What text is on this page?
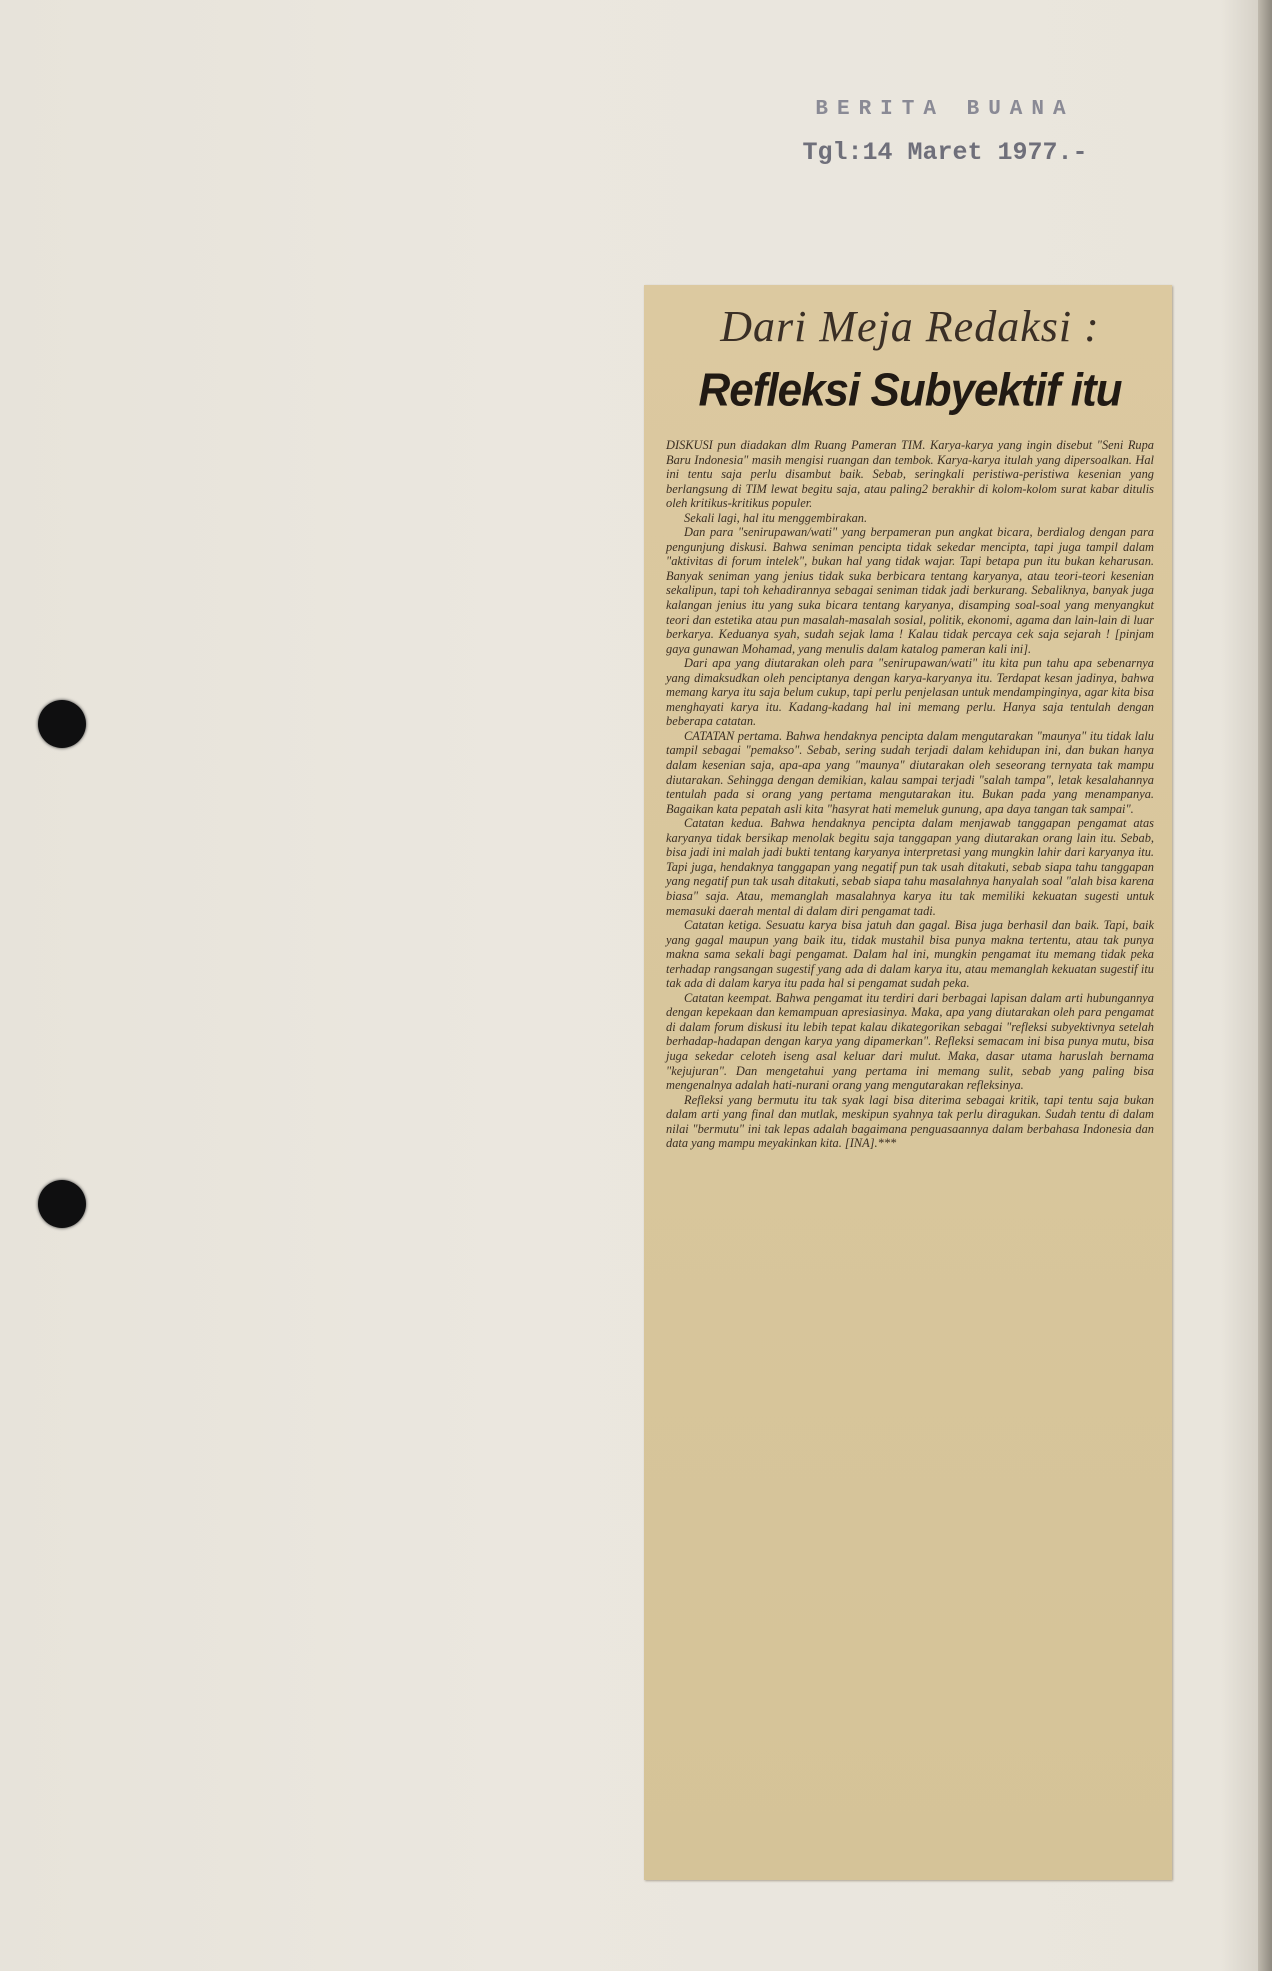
BERITA BUANA
Tgl:14 Maret 1977.-
Dari Meja Redaksi :
Refleksi Subyektif itu

DISKUSI pun diadakan dlm Ruang Pameran TIM. Karya-karya yang ingin disebut "Seni Rupa Baru Indonesia" masih mengisi ruangan dan tembok. Karya-karya itulah yang dipersoalkan. Hal ini tentu saja perlu disambut baik. Sebab, seringkali peristiwa-peristiwa kesenian yang berlangsung di TIM lewat begitu saja, atau paling2 berakhir di kolom-kolom surat kabar ditulis oleh kritikus-kritikus populer.

Sekali lagi, hal itu menggembirakan.

Dan para "senirupawan/wati" yang berpameran pun angkat bicara, berdialog dengan para pengunjung diskusi. Bahwa seniman pencipta tidak sekedar mencipta, tapi juga tampil dalam "aktivitas di forum intelek", bukan hal yang tidak wajar. Tapi betapa pun itu bukan keharusan. Banyak seniman yang jenius tidak suka berbicara tentang karyanya, atau teori-teori kesenian sekalipun, tapi toh kehadirannya sebagai seniman tidak jadi berkurang. Sebaliknya, banyak juga kalangan jenius itu yang suka bicara tentang karyanya, disamping soal-soal yang menyangkut teori dan estetika atau pun masalah-masalah sosial, politik, ekonomi, agama dan lain-lain di luar berkarya. Keduanya syah, sudah sejak lama ! Kalau tidak percaya cek saja sejarah ! [pinjam gaya gunawan Mohamad, yang menulis dalam katalog pameran kali ini].

Dari apa yang diutarakan oleh para "senirupawan/wati" itu kita pun tahu apa sebenarnya yang dimaksudkan oleh penciptanya dengan karya-karyanya itu. Terdapat kesan jadinya, bahwa memang karya itu saja belum cukup, tapi perlu penjelasan untuk mendampinginya, agar kita bisa menghayati karya itu. Kadang-kadang hal ini memang perlu. Hanya saja tentulah dengan beberapa catatan.

CATATAN pertama. Bahwa hendaknya pencipta dalam mengutarakan "maunya" itu tidak lalu tampil sebagai "pemakso". Sebab, sering sudah terjadi dalam kehidupan ini, dan bukan hanya dalam kesenian saja, apa-apa yang "maunya" diutarakan oleh seseorang ternyata tak mampu diutarakan. Sehingga dengan demikian, kalau sampai terjadi "salah tampa", letak kesalahannya tentulah pada si orang yang pertama mengutarakan itu. Bukan pada yang menampanya. Bagaikan kata pepatah asli kita "hasyrat hati memeluk gunung, apa daya tangan tak sampai".

Catatan kedua. Bahwa hendaknya pencipta dalam menjawab tanggapan pengamat atas karyanya tidak bersikap menolak begitu saja tanggapan yang diutarakan orang lain itu. Sebab, bisa jadi ini malah jadi bukti tentang karyanya interpretasi yang mungkin lahir dari karyanya itu. Tapi juga, hendaknya tanggapan yang negatif pun tak usah ditakuti, sebab siapa tahu tanggapan yang negatif pun tak usah ditakuti, sebab siapa tahu masalahnya hanyalah soal "alah bisa karena biasa" saja. Atau, memanglah masalahnya karya itu tak memiliki kekuatan sugesti untuk memasuki daerah mental di dalam diri pengamat tadi.

Catatan ketiga. Sesuatu karya bisa jatuh dan gagal. Bisa juga berhasil dan baik. Tapi, baik yang gagal maupun yang baik itu, tidak mustahil bisa punya makna tertentu, atau tak punya makna sama sekali bagi pengamat. Dalam hal ini, mungkin pengamat itu memang tidak peka terhadap rangsangan sugestif yang ada di dalam karya itu, atau memanglah kekuatan sugestif itu tak ada di dalam karya itu pada hal si pengamat sudah peka.

Catatan keempat. Bahwa pengamat itu terdiri dari berbagai lapisan dalam arti hubungannya dengan kepekaan dan kemampuan apresiasinya. Maka, apa yang diutarakan oleh para pengamat di dalam forum diskusi itu lebih tepat kalau dikategorikan sebagai "refleksi subyektivnya setelah berhadap-hadapan dengan karya yang dipamerkan". Refleksi semacam ini bisa punya mutu, bisa juga sekedar celoteh iseng asal keluar dari mulut. Maka, dasar utama haruslah bernama "kejujuran". Dan mengetahui yang pertama ini memang sulit, sebab yang paling bisa mengenalnya adalah hati-nurani orang yang mengutarakan refleksinya.

Refleksi yang bermutu itu tak syak lagi bisa diterima sebagai kritik, tapi tentu saja bukan dalam arti yang final dan mutlak, meskipun syahnya tak perlu diragukan. Sudah tentu di dalam nilai "bermutu" ini tak lepas adalah bagaimana penguasaannya dalam berbahasa Indonesia dan data yang mampu meyakinkan kita. [INA].***
